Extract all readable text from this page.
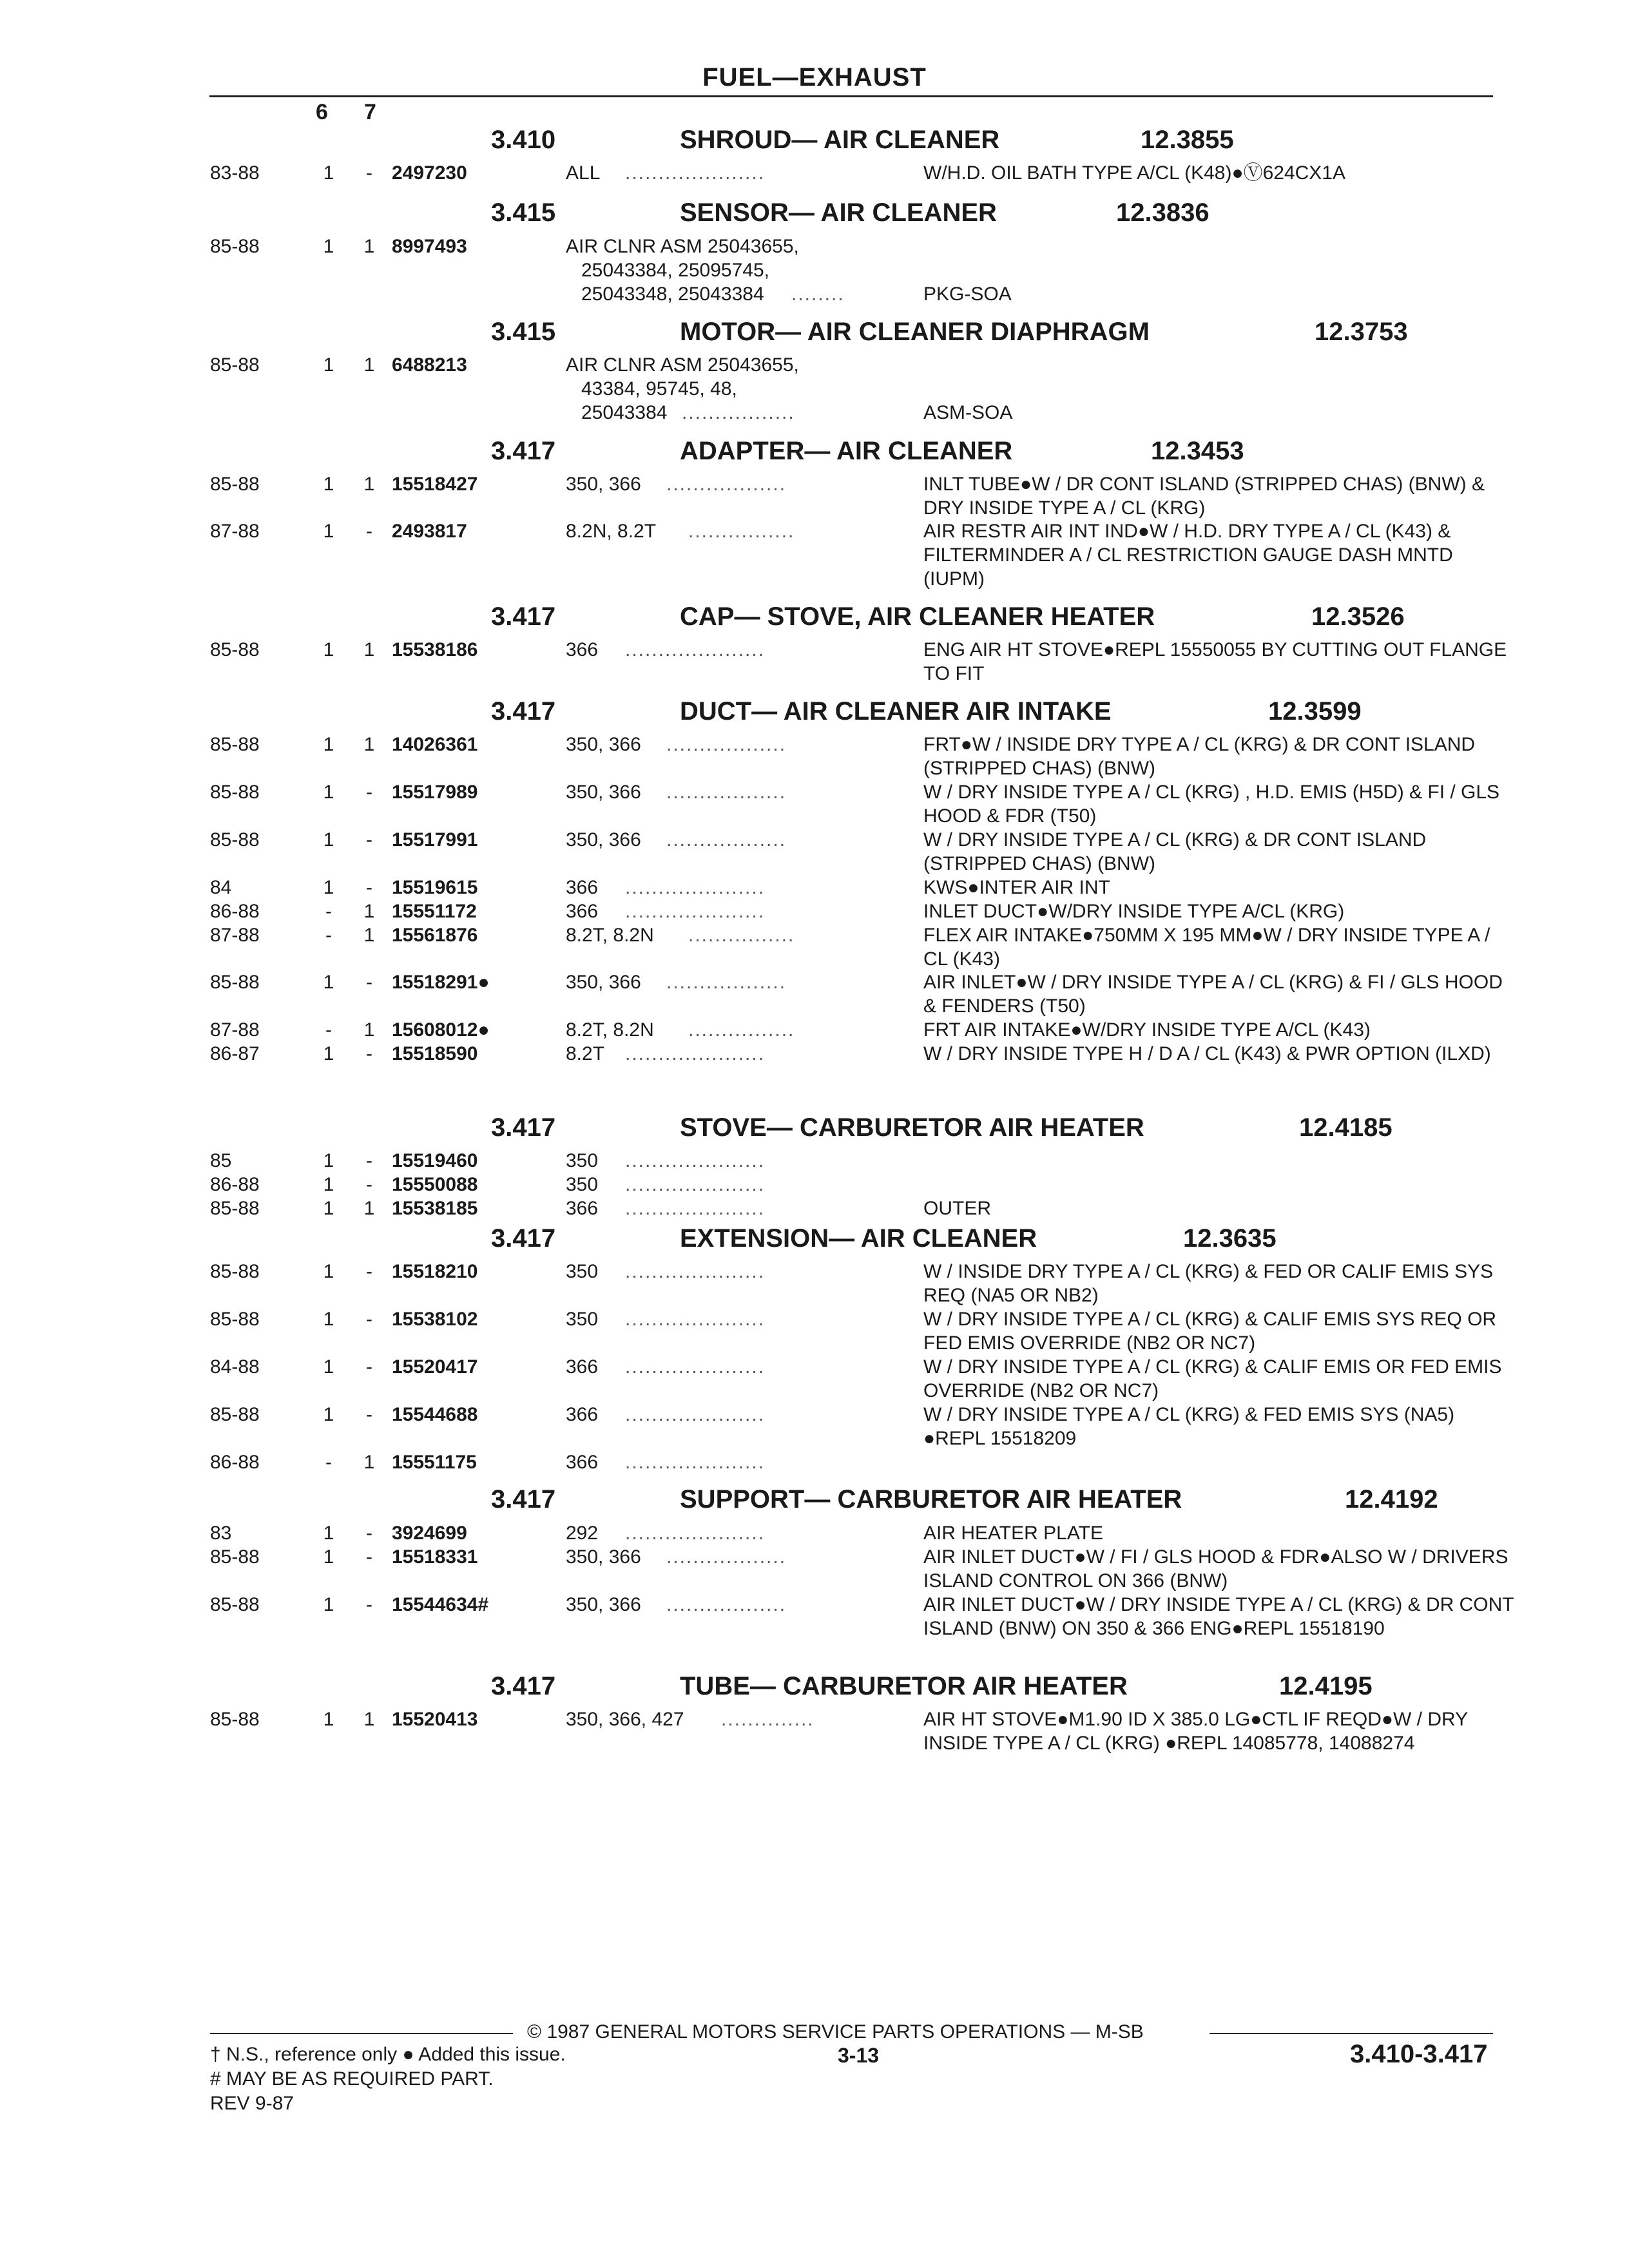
FUEL—EXHAUST
6 7
3.410	SHROUD— AIR CLEANER	12.3855
83-88	1	-	2497230	ALL .....................	W/H.D. OIL BATH TYPE A/CL (K48)●Ⓥ624CX1A
3.415	SENSOR— AIR CLEANER	12.3836
85-88	1 1 8997493	AIR CLNR ASM 25043655,
25043384, 25095745,
25043348, 25043384 ........	PKG-SOA
3.415	MOTOR— AIR CLEANER DIAPHRAGM	12.3753
85-88	1 1 6488213	AIR CLNR ASM 25043655,
43384, 95745, 48,
25043384 .................	ASM-SOA
3.417	ADAPTER— AIR CLEANER	12.3453
85-88	1 1 15518427	350, 366 ..................	INLT TUBE●W / DR CONT ISLAND (STRIPPED CHAS) (BNW) & DRY INSIDE TYPE A / CL (KRG)
87-88	1	-	2493817	8.2N, 8.2T ................	AIR RESTR AIR INT IND●W / H.D. DRY TYPE A / CL (K43) & FILTERMINDER A / CL RESTRICTION GAUGE DASH MNTD (IUPM)
3.417	CAP— STOVE, AIR CLEANER HEATER	12.3526
85-88	1 1 15538186	366 .....................	ENG AIR HT STOVE●REPL 15550055 BY CUTTING OUT FLANGE TO FIT
3.417	DUCT— AIR CLEANER AIR INTAKE	12.3599
85-88	1 1 14026361	350, 366 ..................	FRT●W / INSIDE DRY TYPE A / CL (KRG) & DR CONT ISLAND (STRIPPED CHAS) (BNW)
85-88	1	-	15517989	350, 366 ..................	W / DRY INSIDE TYPE A / CL (KRG) , H.D. EMIS (H5D) & FI / GLS HOOD & FDR (T50)
85-88	1	-	15517991	350, 366 ..................	W / DRY INSIDE TYPE A / CL (KRG) & DR CONT ISLAND (STRIPPED CHAS) (BNW)
84	1	-	15519615	366 .....................	KWS●INTER AIR INT
86-88	-	1 15551172	366 .....................	INLET DUCT●W/DRY INSIDE TYPE A/CL (KRG)
87-88	-	1 15561876	8.2T, 8.2N ................	FLEX AIR INTAKE●750MM X 195 MM●W / DRY INSIDE TYPE A / CL (K43)
85-88	1	-	15518291●	350, 366 ..................	AIR INLET●W / DRY INSIDE TYPE A / CL (KRG) & FI / GLS HOOD & FENDERS (T50)
87-88	-	1 15608012●	8.2T, 8.2N ................	FRT AIR INTAKE●W/DRY INSIDE TYPE A/CL (K43)
86-87	1	-	15518590	8.2T .....................	W / DRY INSIDE TYPE H / D A / CL (K43) & PWR OPTION (ILXD)
3.417	STOVE— CARBURETOR AIR HEATER	12.4185
85	1	-	15519460	350 .....................
86-88	1	-	15550088	350 .....................
85-88	1 1 15538185	366 .....................	OUTER
3.417	EXTENSION— AIR CLEANER	12.3635
85-88	1	-	15518210	350 .....................	W / INSIDE DRY TYPE A / CL (KRG) & FED OR CALIF EMIS SYS REQ (NA5 OR NB2)
85-88	1	-	15538102	350 .....................	W / DRY INSIDE TYPE A / CL (KRG) & CALIF EMIS SYS REQ OR FED EMIS OVERRIDE (NB2 OR NC7)
84-88	1	-	15520417	366 .....................	W / DRY INSIDE TYPE A / CL (KRG) & CALIF EMIS OR FED EMIS OVERRIDE (NB2 OR NC7)
85-88	1	-	15544688	366 .....................	W / DRY INSIDE TYPE A / CL (KRG) & FED EMIS SYS (NA5) ●REPL 15518209
86-88	-	1 15551175	366 .....................
3.417	SUPPORT— CARBURETOR AIR HEATER	12.4192
83	1	-	3924699	292 .....................	AIR HEATER PLATE
85-88	1	-	15518331	350, 366 ..................	AIR INLET DUCT●W / FI / GLS HOOD & FDR●ALSO W / DRIVERS ISLAND CONTROL ON 366 (BNW)
85-88	1	-	15544634#	350, 366 ..................	AIR INLET DUCT●W / DRY INSIDE TYPE A / CL (KRG) & DR CONT ISLAND (BNW) ON 350 & 366 ENG●REPL 15518190
3.417	TUBE— CARBURETOR AIR HEATER	12.4195
85-88	1 1 15520413	350, 366, 427 ..............	AIR HT STOVE●M1.90 ID X 385.0 LG●CTL IF REQD●W / DRY INSIDE TYPE A / CL (KRG) ●REPL 14085778, 14088274
© 1987 GENERAL MOTORS SERVICE PARTS OPERATIONS — M-SB
† N.S., reference only ● Added this issue.
# MAY BE AS REQUIRED PART.
REV 9-87
3-13	3.410-3.417
